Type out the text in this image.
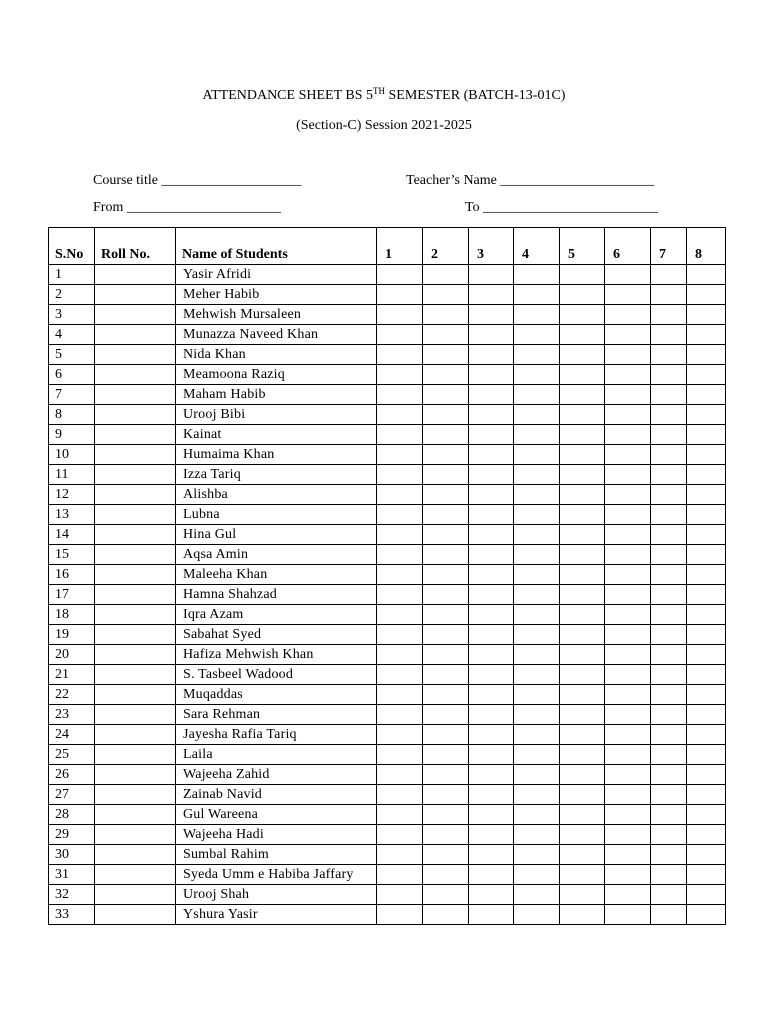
ATTENDANCE SHEET BS 5TH SEMESTER (BATCH-13-01C)
(Section-C) Session 2021-2025
Course title ____________________	Teacher’s Name ______________________
From ______________________	To _________________________
S.No	Roll No.	Name of Students	1	2	3	4	5	6	7	8
1		Yasir Afridi								
2		Meher Habib								
3		Mehwish Mursaleen								
4		Munazza Naveed Khan								
5		Nida Khan								
6		Meamoona Raziq								
7		Maham Habib								
8		Urooj Bibi								
9		Kainat								
10		Humaima Khan								
11		Izza Tariq								
12		Alishba								
13		Lubna								
14		Hina Gul								
15		Aqsa Amin								
16		Maleeha Khan								
17		Hamna Shahzad								
18		Iqra Azam								
19		Sabahat Syed								
20		Hafiza Mehwish Khan								
21		S. Tasbeel Wadood								
22		Muqaddas								
23		Sara Rehman								
24		Jayesha Rafia Tariq								
25		Laila								
26		Wajeeha Zahid								
27		Zainab Navid								
28		Gul Wareena								
29		Wajeeha Hadi								
30		Sumbal Rahim								
31		Syeda Umm e Habiba Jaffary								
32		Urooj Shah								
33		Yshura Yasir								
